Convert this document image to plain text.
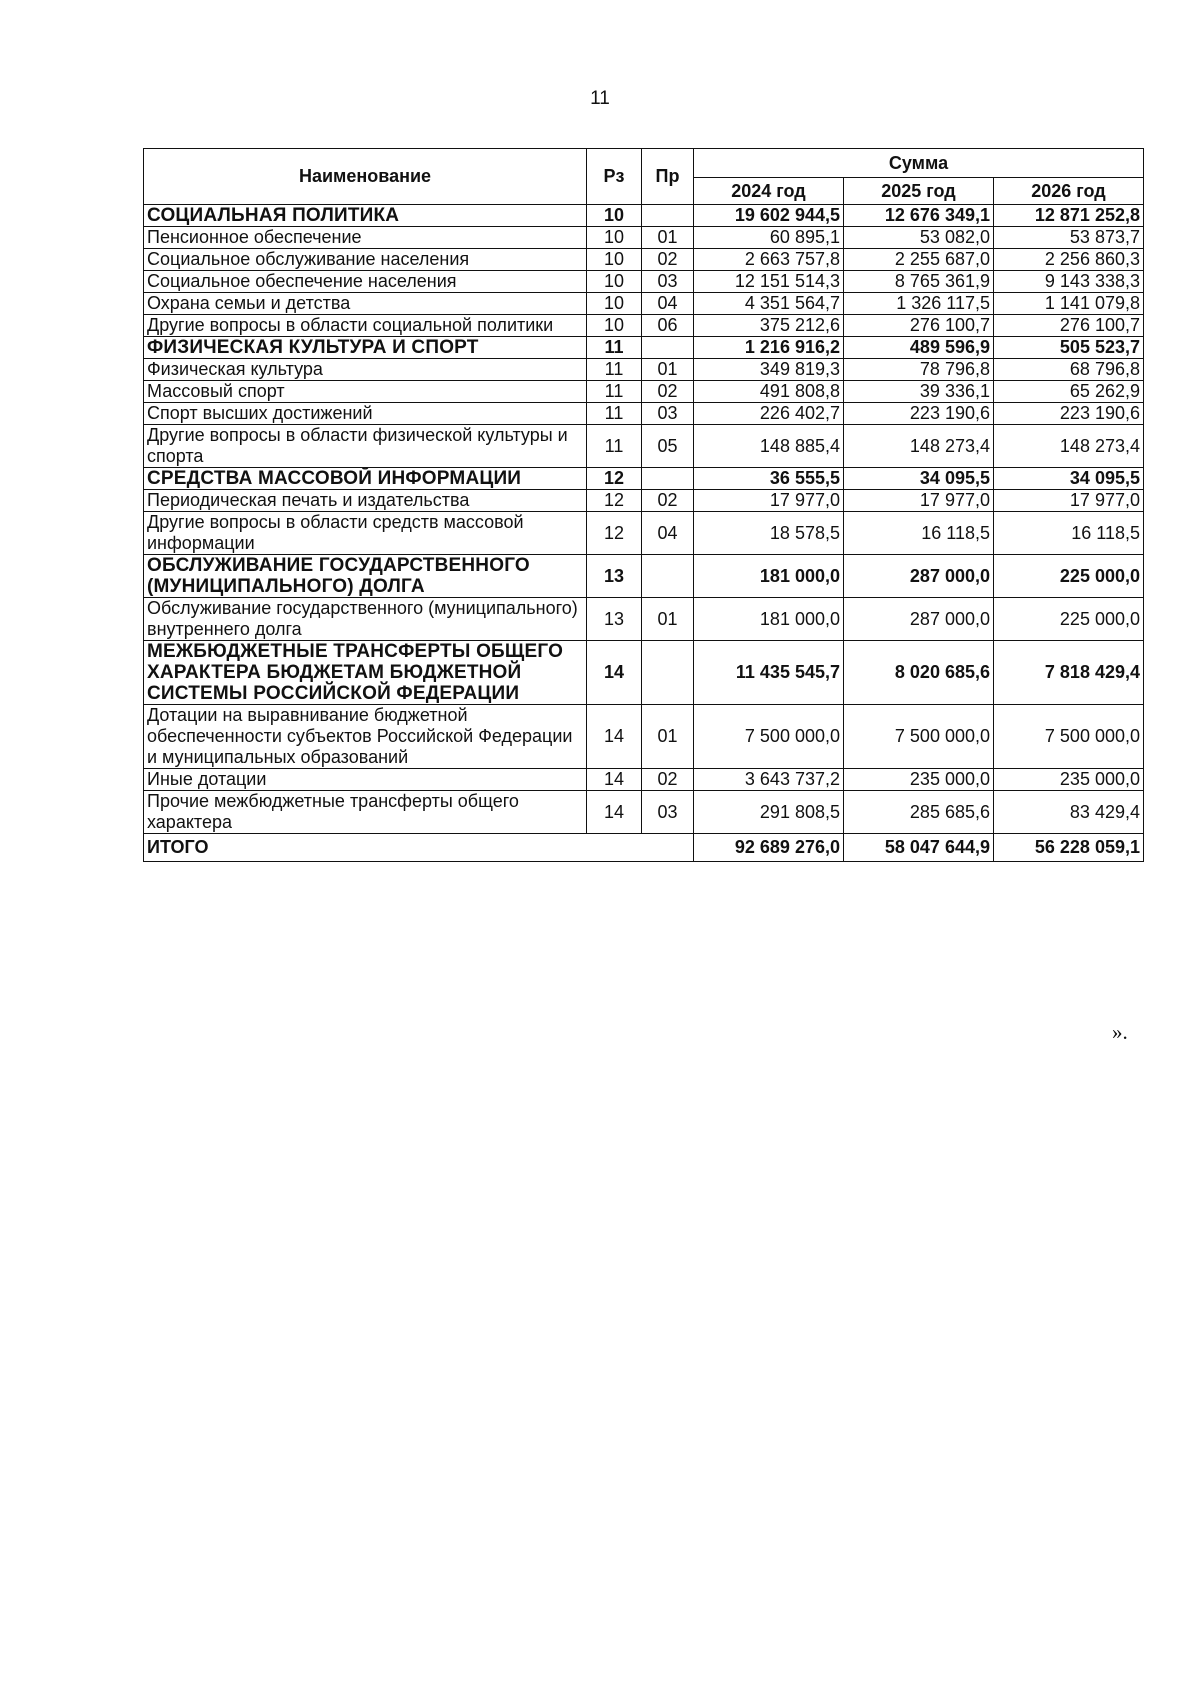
11
Наименование	Рз	Пр	Сумма		
			2024 год	2025 год	2026 год
СОЦИАЛЬНАЯ ПОЛИТИКА	10		19 602 944,5	12 676 349,1	12 871 252,8
Пенсионное обеспечение	10	01	60 895,1	53 082,0	53 873,7
Социальное обслуживание населения	10	02	2 663 757,8	2 255 687,0	2 256 860,3
Социальное обеспечение населения	10	03	12 151 514,3	8 765 361,9	9 143 338,3
Охрана семьи и детства	10	04	4 351 564,7	1 326 117,5	1 141 079,8
Другие вопросы в области социальной политики	10	06	375 212,6	276 100,7	276 100,7
ФИЗИЧЕСКАЯ КУЛЬТУРА И СПОРТ	11		1 216 916,2	489 596,9	505 523,7
Физическая культура	11	01	349 819,3	78 796,8	68 796,8
Массовый спорт	11	02	491 808,8	39 336,1	65 262,9
Спорт высших достижений	11	03	226 402,7	223 190,6	223 190,6
Другие вопросы в области физической культуры и спорта	11	05	148 885,4	148 273,4	148 273,4
СРЕДСТВА МАССОВОЙ ИНФОРМАЦИИ	12		36 555,5	34 095,5	34 095,5
Периодическая печать и издательства	12	02	17 977,0	17 977,0	17 977,0
Другие вопросы в области средств массовой информации	12	04	18 578,5	16 118,5	16 118,5
ОБСЛУЖИВАНИЕ ГОСУДАРСТВЕННОГО (МУНИЦИПАЛЬНОГО) ДОЛГА	13		181 000,0	287 000,0	225 000,0
Обслуживание государственного (муниципального) внутреннего долга	13	01	181 000,0	287 000,0	225 000,0
МЕЖБЮДЖЕТНЫЕ ТРАНСФЕРТЫ ОБЩЕГО ХАРАКТЕРА БЮДЖЕТАМ БЮДЖЕТНОЙ СИСТЕМЫ РОССИЙСКОЙ ФЕДЕРАЦИИ	14		11 435 545,7	8 020 685,6	7 818 429,4
Дотации на выравнивание бюджетной обеспеченности субъектов Российской Федерации и муниципальных образований	14	01	7 500 000,0	7 500 000,0	7 500 000,0
Иные дотации	14	02	3 643 737,2	235 000,0	235 000,0
Прочие межбюджетные трансферты общего характера	14	03	291 808,5	285 685,6	83 429,4
ИТОГО			92 689 276,0	58 047 644,9	56 228 059,1
».
